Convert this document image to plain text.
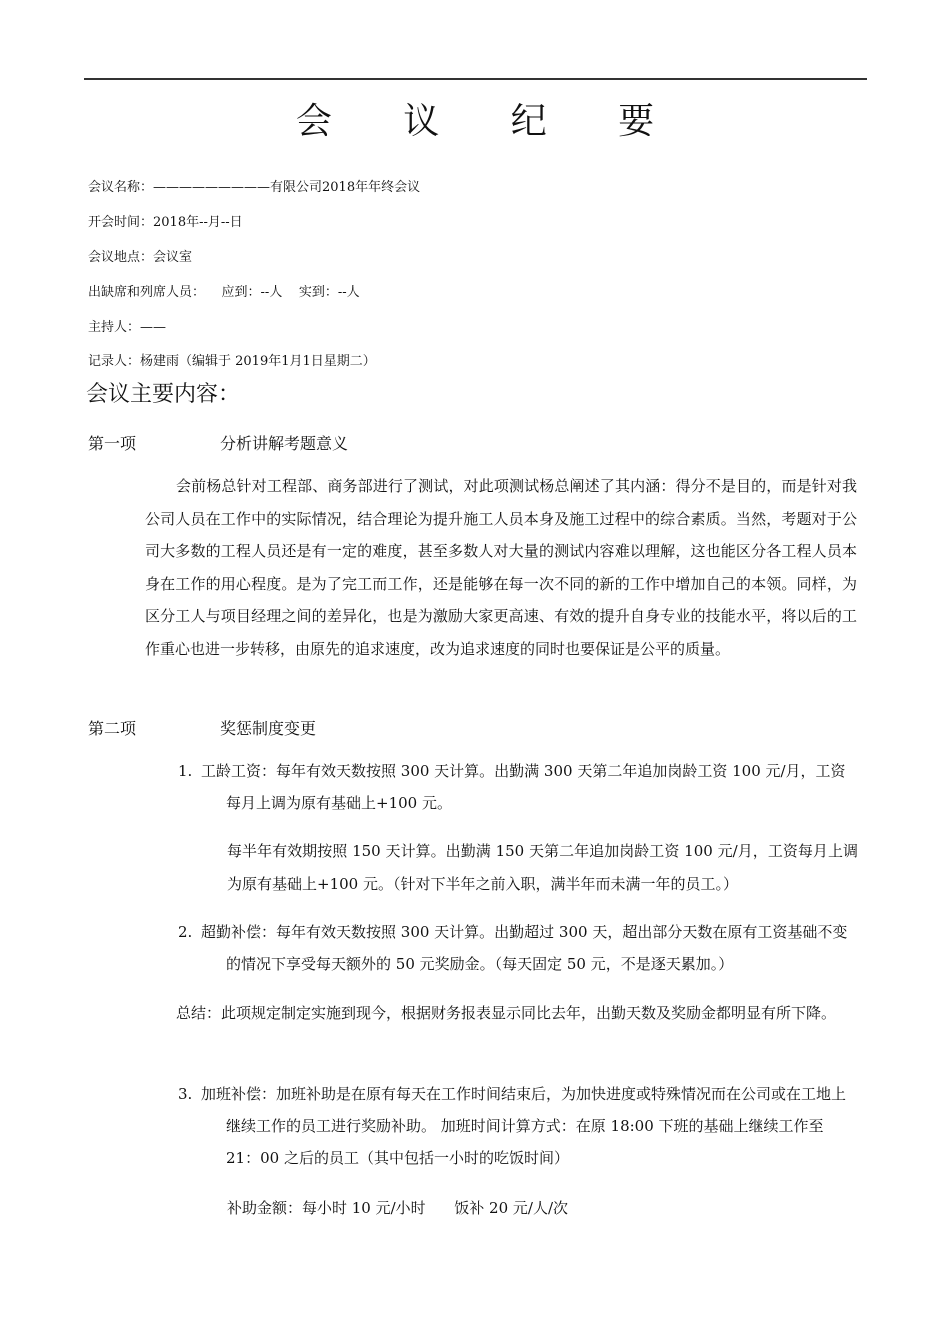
会 议 纪 要
会议名称：—————————有限公司2018年年终会议
开会时间：2018年--月--日
会议地点：会议室
出缺席和列席人员：    应到：--人    实到：--人
主持人：——
记录人：杨建雨（编辑于 2019年1月1日星期二）
会议主要内容：
第一项	分析讲解考题意义
会前杨总针对工程部、商务部进行了测试，对此项测试杨总阐述了其内涵：得分不是目的，而是针对我公司人员在工作中的实际情况，结合理论为提升施工人员本身及施工过程中的综合素质。当然，考题对于公司大多数的工程人员还是有一定的难度，甚至多数人对大量的测试内容难以理解，这也能区分各工程人员本身在工作的用心程度。是为了完工而工作，还是能够在每一次不同的新的工作中增加自己的本领。同样，为区分工人与项目经理之间的差异化，也是为激励大家更高速、有效的提升自身专业的技能水平，将以后的工作重心也进一步转移，由原先的追求速度，改为追求速度的同时也要保证是公平的质量。
第二项	奖惩制度变更
1. 工龄工资：每年有效天数按照 300 天计算。出勤满 300 天第二年追加岗龄工资 100 元/月，工资每月上调为原有基础上+100 元。
每半年有效期按照 150 天计算。出勤满 150 天第二年追加岗龄工资 100 元/月，工资每月上调为原有基础上+100 元。（针对下半年之前入职，满半年而未满一年的员工。）
2. 超勤补偿：每年有效天数按照 300 天计算。出勤超过 300 天，超出部分天数在原有工资基础不变的情况下享受每天额外的 50 元奖励金。（每天固定 50 元，不是逐天累加。）
总结：此项规定制定实施到现今，根据财务报表显示同比去年，出勤天数及奖励金都明显有所下降。
3. 加班补偿：加班补助是在原有每天在工作时间结束后，为加快进度或特殊情况而在公司或在工地上继续工作的员工进行奖励补助。 加班时间计算方式：在原 18:00 下班的基础上继续工作至 21：00 之后的员工（其中包括一小时的吃饭时间）
补助金额：每小时 10 元/小时      饭补 20 元/人/次
